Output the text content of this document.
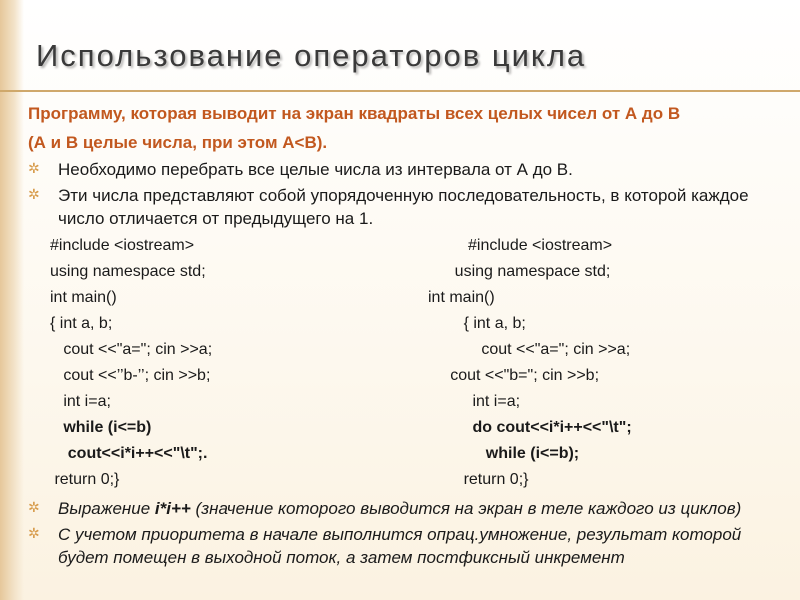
Использование операторов цикла

Программу, которая выводит на экран квадраты всех целых чисел от А до В

(А и В целые числа, при этом А<В).

✲ Необходимо перебрать все целые числа из интервала от А до В.
✲ Эти числа представляют собой упорядоченную последовательность, в которой каждое число отличается от предыдущего на 1.
#include <iostream>
using namespace std;
int main()
{ int a, b;
cout <<"a="; cin >>a;
cout <<’’b-’’; cin >>b;
int i=a;
while (i<=b)
cout<<i*i++<<"\t";.
return 0;}
#include <iostream>
using namespace std;
int main()
{ int a, b;
cout <<"a="; cin >>a;
cout <<"b="; cin >>b;
int i=a;
do cout<<i*i++<<"\t";
while (i<=b);
return 0;}
✲ Выражение i*i++ (значение которого выводится на экран в теле каждого из циклов)
✲ С учетом приоритета в начале выполнится опрац.умножение, результат которой будет помещен в выходной поток, а затем постфиксный инкремент
